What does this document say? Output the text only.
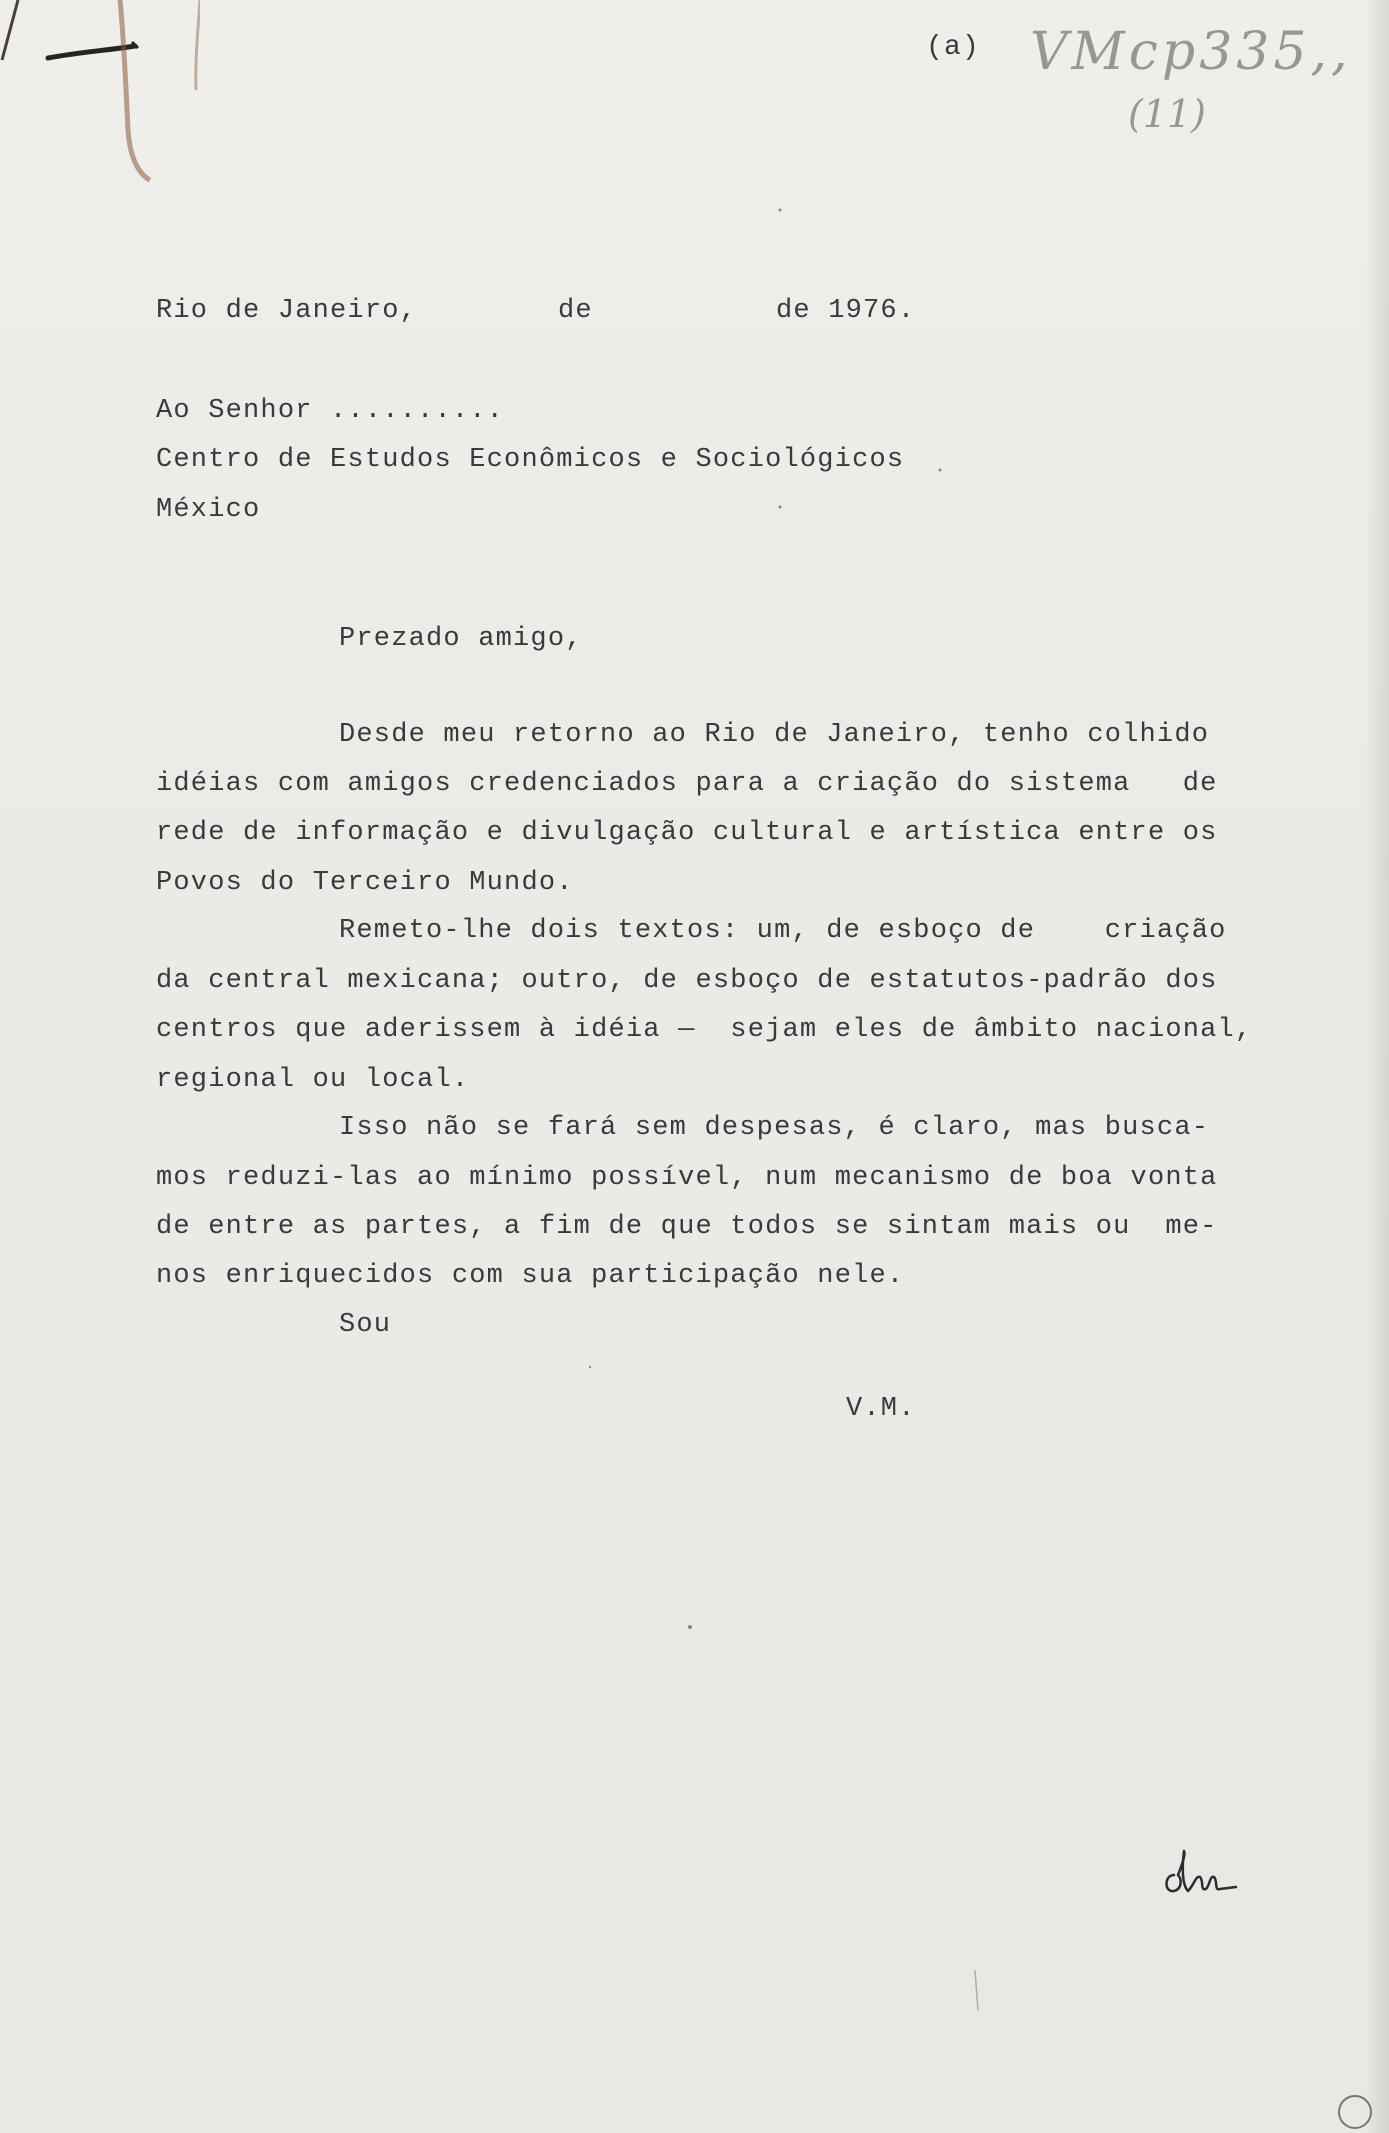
(a) VMcp335,,
(11)
Rio de Janeiro,	de	de 1976.
Ao Senhor ..........
Centro de Estudos Econômicos e Sociológicos
México
Prezado amigo,
Desde meu retorno ao Rio de Janeiro, tenho colhido
idéias com amigos credenciados para a criação do sistema   de
rede de informação e divulgação cultural e artística entre os
Povos do Terceiro Mundo.
Remeto-lhe dois textos: um, de esboço de    criação
da central mexicana; outro, de esboço de estatutos-padrão dos
centros que aderissem à idéia —  sejam eles de âmbito nacional,
regional ou local.
Isso não se fará sem despesas, é claro, mas busca-
mos reduzi-las ao mínimo possível, num mecanismo de boa vonta
de entre as partes, a fim de que todos se sintam mais ou  me-
nos enriquecidos com sua participação nele.
Sou
V.M.
